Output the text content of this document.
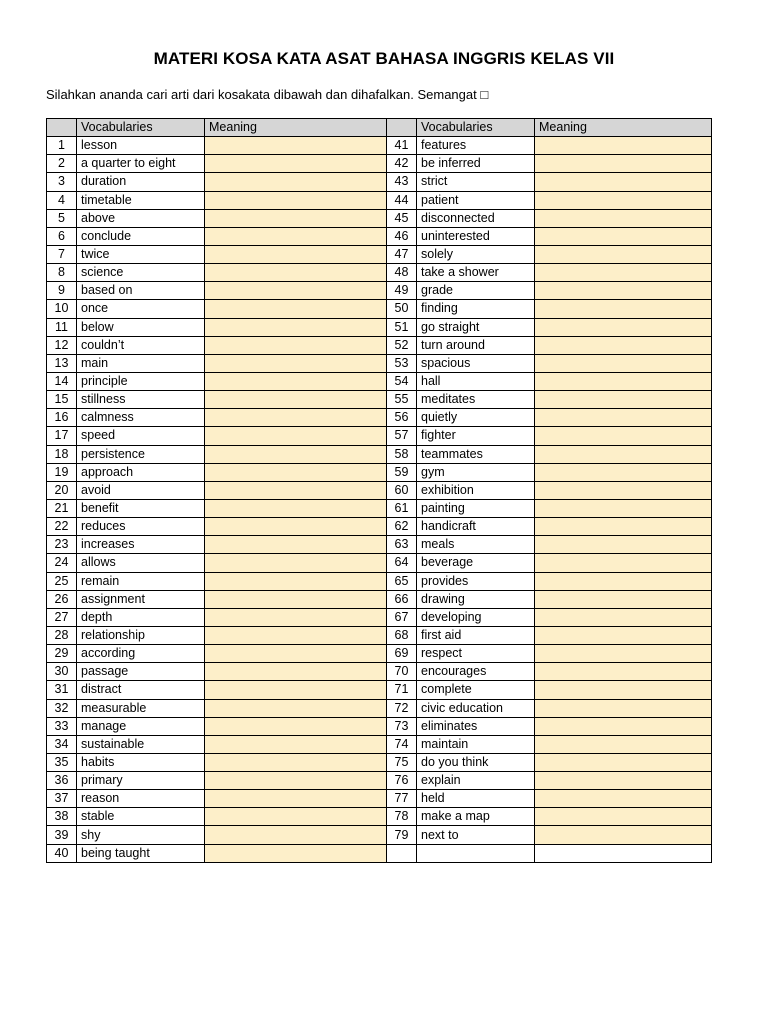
MATERI KOSA KATA ASAT BAHASA INGGRIS KELAS VII
Silahkan ananda cari arti dari kosakata dibawah dan dihafalkan. Semangat □
	Vocabularies	Meaning		Vocabularies	Meaning
1	lesson		41	features	
2	a quarter to eight		42	be inferred	
3	duration		43	strict	
4	timetable		44	patient	
5	above		45	disconnected	
6	conclude		46	uninterested	
7	twice		47	solely	
8	science		48	take a shower	
9	based on		49	grade	
10	once		50	finding	
11	below		51	go straight	
12	couldn’t		52	turn around	
13	main		53	spacious	
14	principle		54	hall	
15	stillness		55	meditates	
16	calmness		56	quietly	
17	speed		57	fighter	
18	persistence		58	teammates	
19	approach		59	gym	
20	avoid		60	exhibition	
21	benefit		61	painting	
22	reduces		62	handicraft	
23	increases		63	meals	
24	allows		64	beverage	
25	remain		65	provides	
26	assignment		66	drawing	
27	depth		67	developing	
28	relationship		68	first aid	
29	according		69	respect	
30	passage		70	encourages	
31	distract		71	complete	
32	measurable		72	civic education	
33	manage		73	eliminates	
34	sustainable		74	maintain	
35	habits		75	do you think	
36	primary		76	explain	
37	reason		77	held	
38	stable		78	make a map	
39	shy		79	next to	
40	being taught				
